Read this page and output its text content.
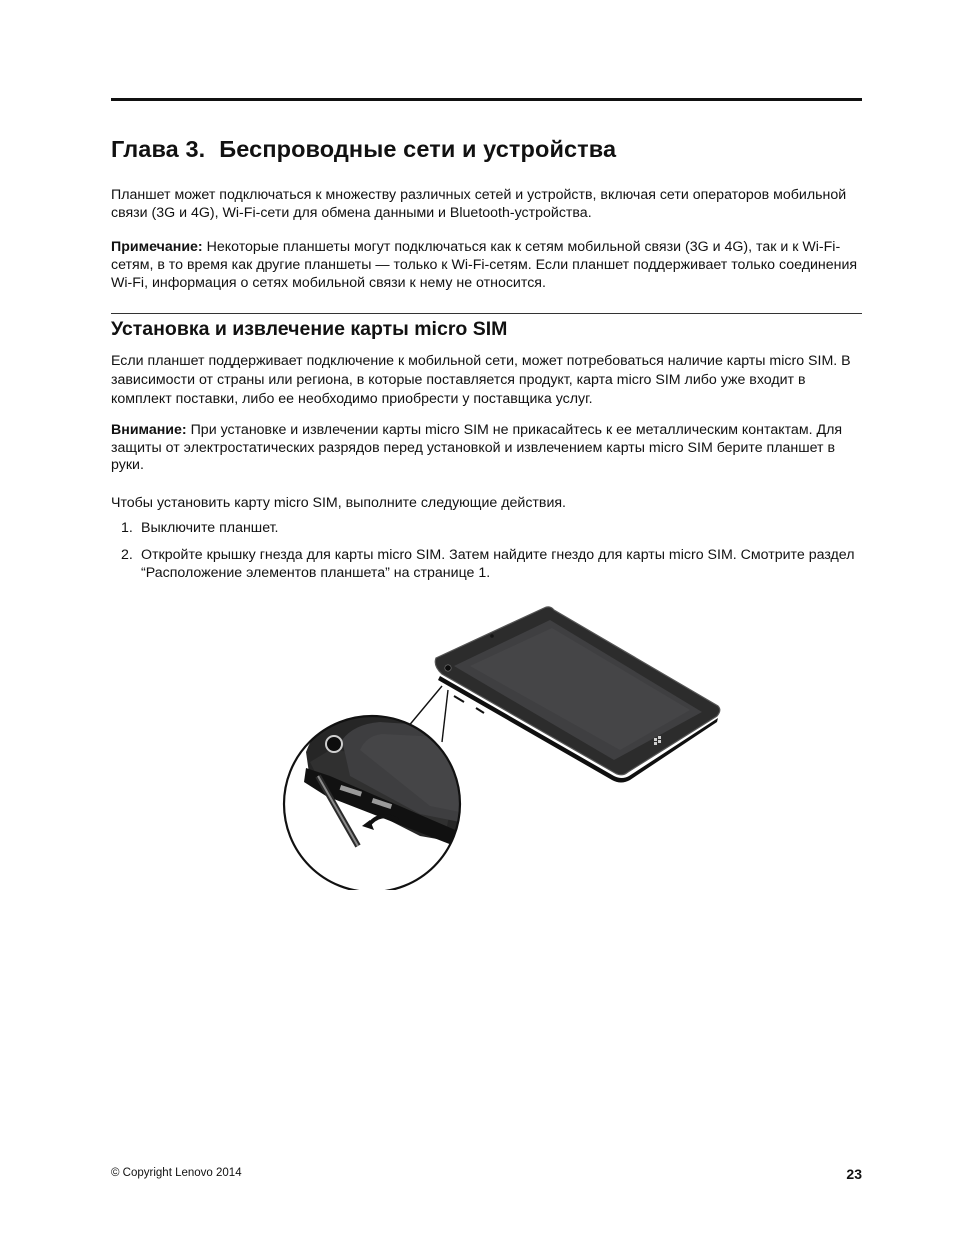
Глава 3. Беспроводные сети и устройства

Планшет может подключаться к множеству различных сетей и устройств, включая сети операторов мобильной связи (3G и 4G), Wi-Fi-сети для обмена данными и Bluetooth-устройства.

Примечание: Некоторые планшеты могут подключаться как к сетям мобильной связи (3G и 4G), так и к Wi-Fi-сетям, в то время как другие планшеты — только к Wi-Fi-сетям. Если планшет поддерживает только соединения Wi-Fi, информация о сетях мобильной связи к нему не относится.

Установка и извлечение карты micro SIM

Если планшет поддерживает подключение к мобильной сети, может потребоваться наличие карты micro SIM. В зависимости от страны или региона, в которые поставляется продукт, карта micro SIM либо уже входит в комплект поставки, либо ее необходимо приобрести у поставщика услуг.

Внимание: При установке и извлечении карты micro SIM не прикасайтесь к ее металлическим контактам. Для защиты от электростатических разрядов перед установкой и извлечением карты micro SIM берите планшет в руки.

Чтобы установить карту micro SIM, выполните следующие действия.

1. Выключите планшет.
2. Откройте крышку гнезда для карты micro SIM. Затем найдите гнездо для карты micro SIM. Смотрите раздел “Расположение элементов планшета” на странице 1.
© Copyright Lenovo 2014	23
